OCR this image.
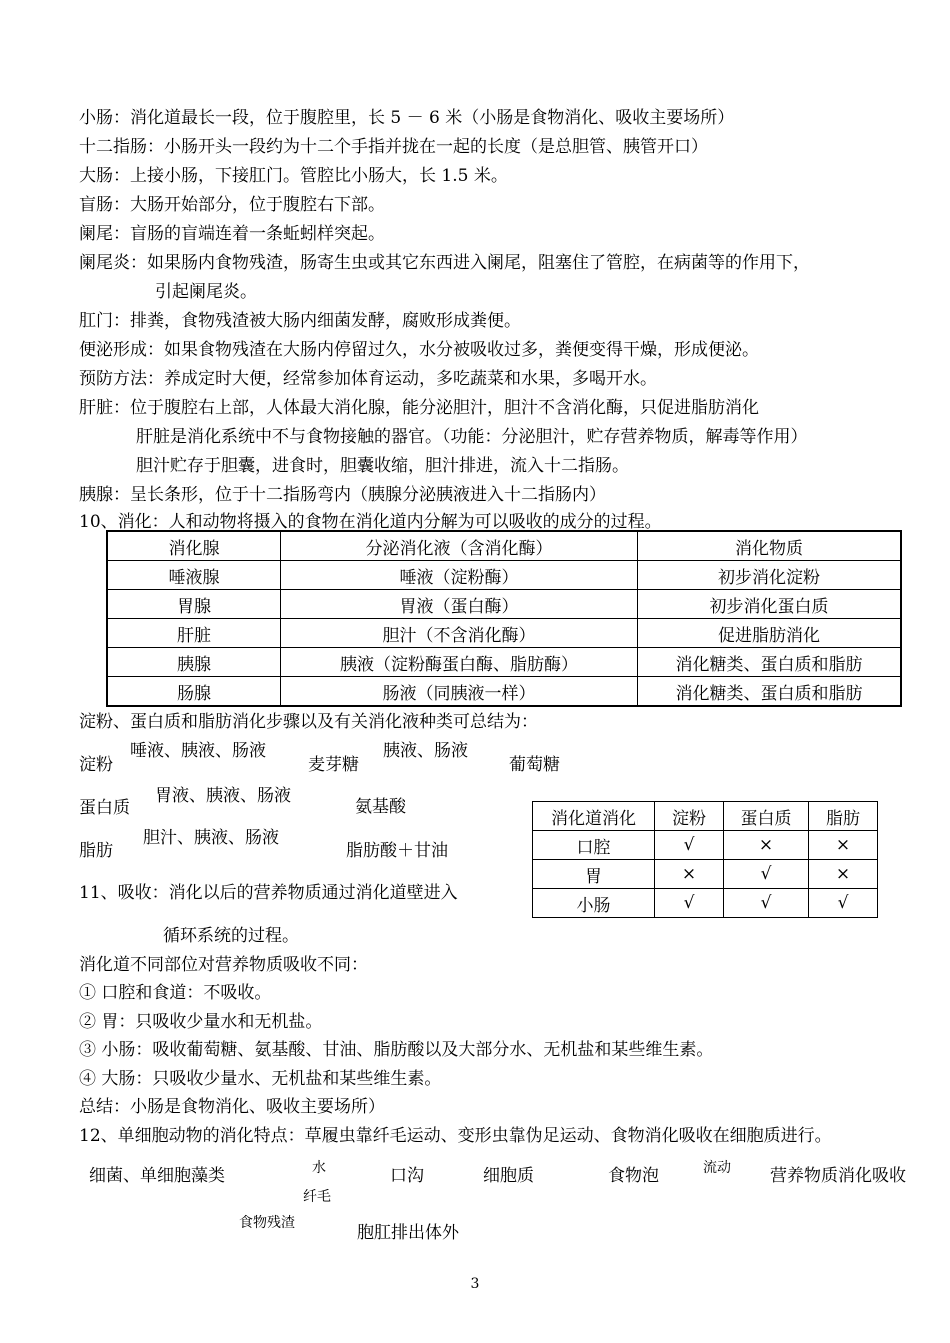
小肠：消化道最长一段，位于腹腔里，长 5 － 6 米（小肠是食物消化、吸收主要场所）
十二指肠：小肠开头一段约为十二个手指并拢在一起的长度（是总胆管、胰管开口）
大肠：上接小肠，下接肛门。管腔比小肠大，长 1.5 米。
盲肠：大肠开始部分，位于腹腔右下部。
阑尾：盲肠的盲端连着一条蚯蚓样突起。
阑尾炎：如果肠内食物残渣，肠寄生虫或其它东西进入阑尾，阻塞住了管腔，在病菌等的作用下，
引起阑尾炎。
肛门：排粪，食物残渣被大肠内细菌发酵，腐败形成粪便。
便泌形成：如果食物残渣在大肠内停留过久，水分被吸收过多，粪便变得干燥，形成便泌。
预防方法：养成定时大便，经常参加体育运动，多吃蔬菜和水果，多喝开水。
肝脏：位于腹腔右上部，人体最大消化腺，能分泌胆汁，胆汁不含消化酶，只促进脂肪消化
肝脏是消化系统中不与食物接触的器官。（功能：分泌胆汁，贮存营养物质，解毒等作用）
胆汁贮存于胆囊，进食时，胆囊收缩，胆汁排进，流入十二指肠。
胰腺：呈长条形，位于十二指肠弯内（胰腺分泌胰液进入十二指肠内）
10、消化：人和动物将摄入的食物在消化道内分解为可以吸收的成分的过程。
消化腺	分泌消化液（含消化酶）	消化物质
唾液腺	唾液（淀粉酶）	初步消化淀粉
胃腺	胃液（蛋白酶）	初步消化蛋白质
肝脏	胆汁（不含消化酶）	促进脂肪消化
胰腺	胰液（淀粉酶蛋白酶、脂肪酶）	消化糖类、蛋白质和脂肪
肠腺	肠液（同胰液一样）	消化糖类、蛋白质和脂肪
淀粉、蛋白质和脂肪消化步骤以及有关消化液种类可总结为：
淀粉
唾液、胰液、肠液
麦芽糖
胰液、肠液
葡萄糖
蛋白质
胃液、胰液、肠液
氨基酸
脂肪
胆汁、胰液、肠液
脂肪酸＋甘油
消化道消化	淀粉	蛋白质	脂肪
口腔	√	×	×
胃	×	√	×
小肠	√	√	√
11、吸收：消化以后的营养物质通过消化道壁进入
循环系统的过程。
消化道不同部位对营养物质吸收不同：
① 口腔和食道：不吸收。
② 胃：只吸收少量水和无机盐。
③ 小肠：吸收葡萄糖、氨基酸、甘油、脂肪酸以及大部分水、无机盐和某些维生素。
④ 大肠：只吸收少量水、无机盐和某些维生素。
总结：小肠是食物消化、吸收主要场所）
12、单细胞动物的消化特点：草履虫靠纤毛运动、变形虫靠伪足运动、食物消化吸收在细胞质进行。
细菌、单细胞藻类	水
纤毛
口沟	细胞质	食物泡	流动 营养物质消化吸收
食物残渣	胞肛排出体外
3
